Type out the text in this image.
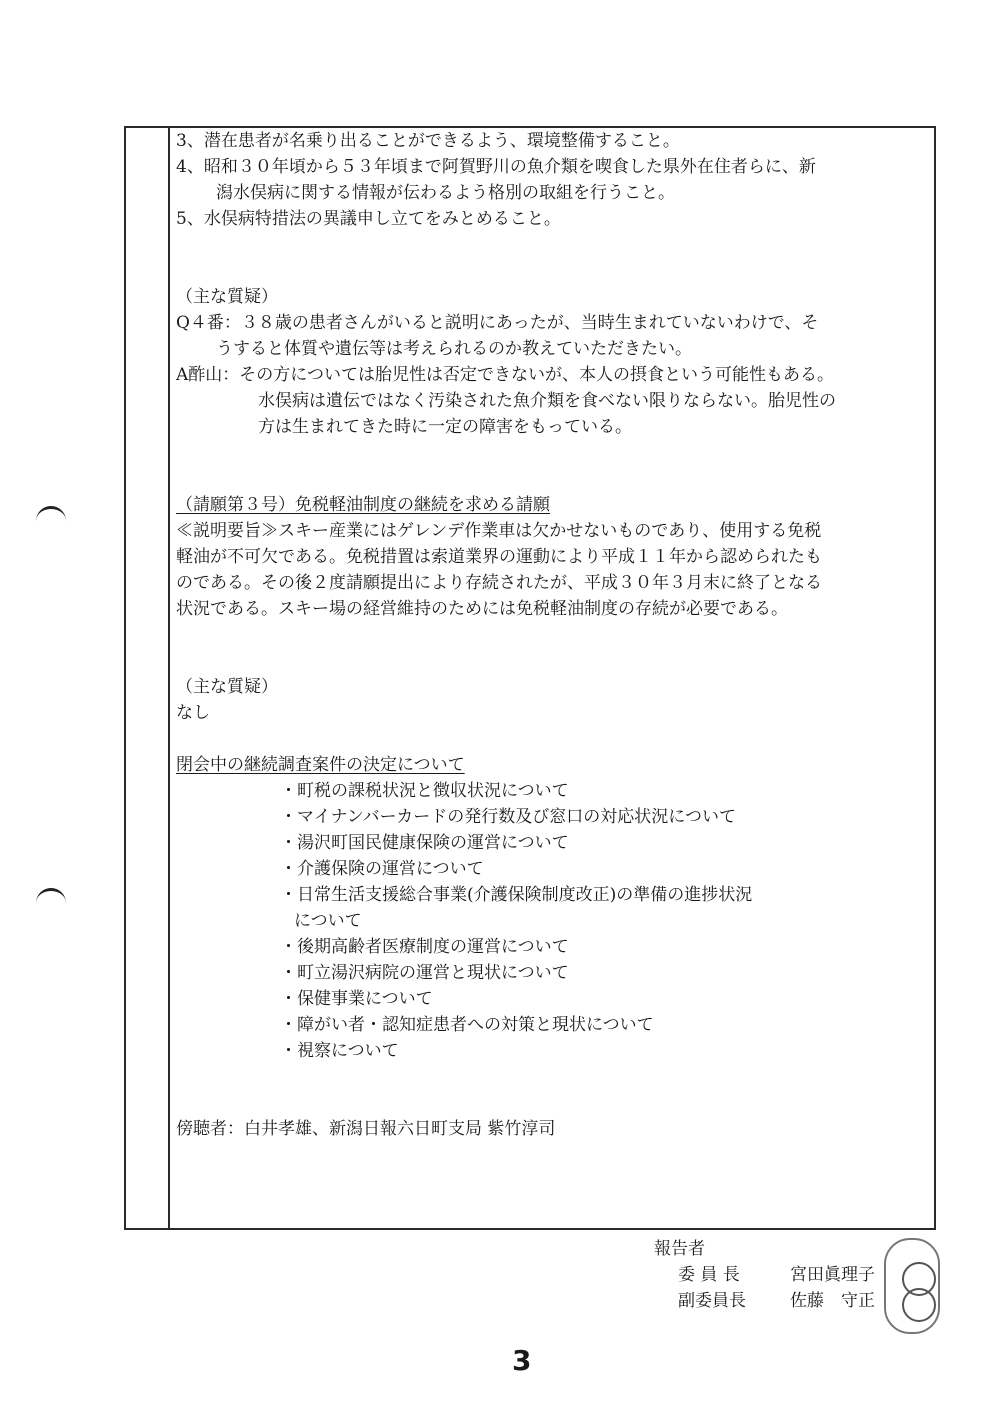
3、潜在患者が名乗り出ることができるよう、環境整備すること。
4、昭和３０年頃から５３年頃まで阿賀野川の魚介類を喫食した県外在住者らに、新
潟水俣病に関する情報が伝わるよう格別の取組を行うこと。
5、水俣病特措法の異議申し立てをみとめること。
（主な質疑）
Q４番：３８歳の患者さんがいると説明にあったが、当時生まれていないわけで、そ
うすると体質や遺伝等は考えられるのか教えていただきたい。
A酢山：その方については胎児性は否定できないが、本人の摂食という可能性もある。
水俣病は遺伝ではなく汚染された魚介類を食べない限りならない。胎児性の
方は生まれてきた時に一定の障害をもっている。
（請願第３号）免税軽油制度の継続を求める請願
≪説明要旨≫スキー産業にはゲレンデ作業車は欠かせないものであり、使用する免税
軽油が不可欠である。免税措置は索道業界の運動により平成１１年から認められたも
のである。その後２度請願提出により存続されたが、平成３０年３月末に終了となる
状況である。スキー場の経営維持のためには免税軽油制度の存続が必要である。
（主な質疑）
なし
閉会中の継続調査案件の決定について
・町税の課税状況と徴収状況について
・マイナンバーカードの発行数及び窓口の対応状況について
・湯沢町国民健康保険の運営について
・介護保険の運営について
・日常生活支援総合事業(介護保険制度改正)の準備の進捗状況
について
・後期高齢者医療制度の運営について
・町立湯沢病院の運営と現状について
・保健事業について
・障がい者・認知症患者への対策と現状について
・視察について
傍聴者：白井孝雄、新潟日報六日町支局 紫竹淳司
報告者
委 員 長	宮田眞理子
副委員長	佐藤　守正
3
